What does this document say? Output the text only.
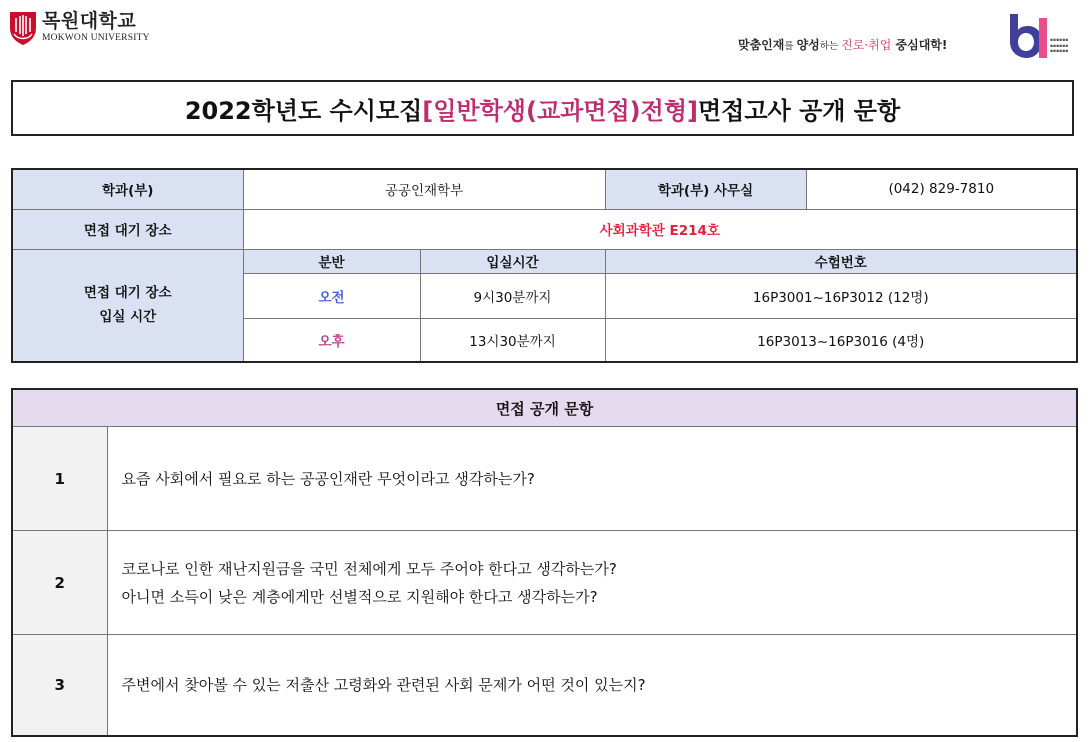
목원대학교
MOKWON UNIVERSITY	맞춤인재를 양성하는 진로·취업 중심대학!	▪▪▪▪▪▪
▪▪▪▪▪▪
▪▪▪▪▪▪
2022학년도 수시모집 [일반학생(교과면접)전형] 면접고사 공개 문항
학과(부)	공공인재학부		학과(부) 사무실	(042) 829-7810
면접 대기 장소	사회과학관 E214호			

면접 대기 장소
입실 시간	분반	입실시간	수험번호	
	오전	9시30분까지	16P3001~16P3012 (12명)	
	오후	13시30분까지	16P3013~16P3016 (4명)	
면접 공개 문항	
1	요즘 사회에서 필요로 하는 공공인재란 무엇이라고 생각하는가?

2	코로나로 인한 재난지원금을 국민 전체에게 모두 주어야 한다고 생각하는가?
아니면 소득이 낮은 계층에게만 선별적으로 지원해야 한다고 생각하는가?

3	주변에서 찾아볼 수 있는 저출산 고령화와 관련된 사회 문제가 어떤 것이 있는지?
